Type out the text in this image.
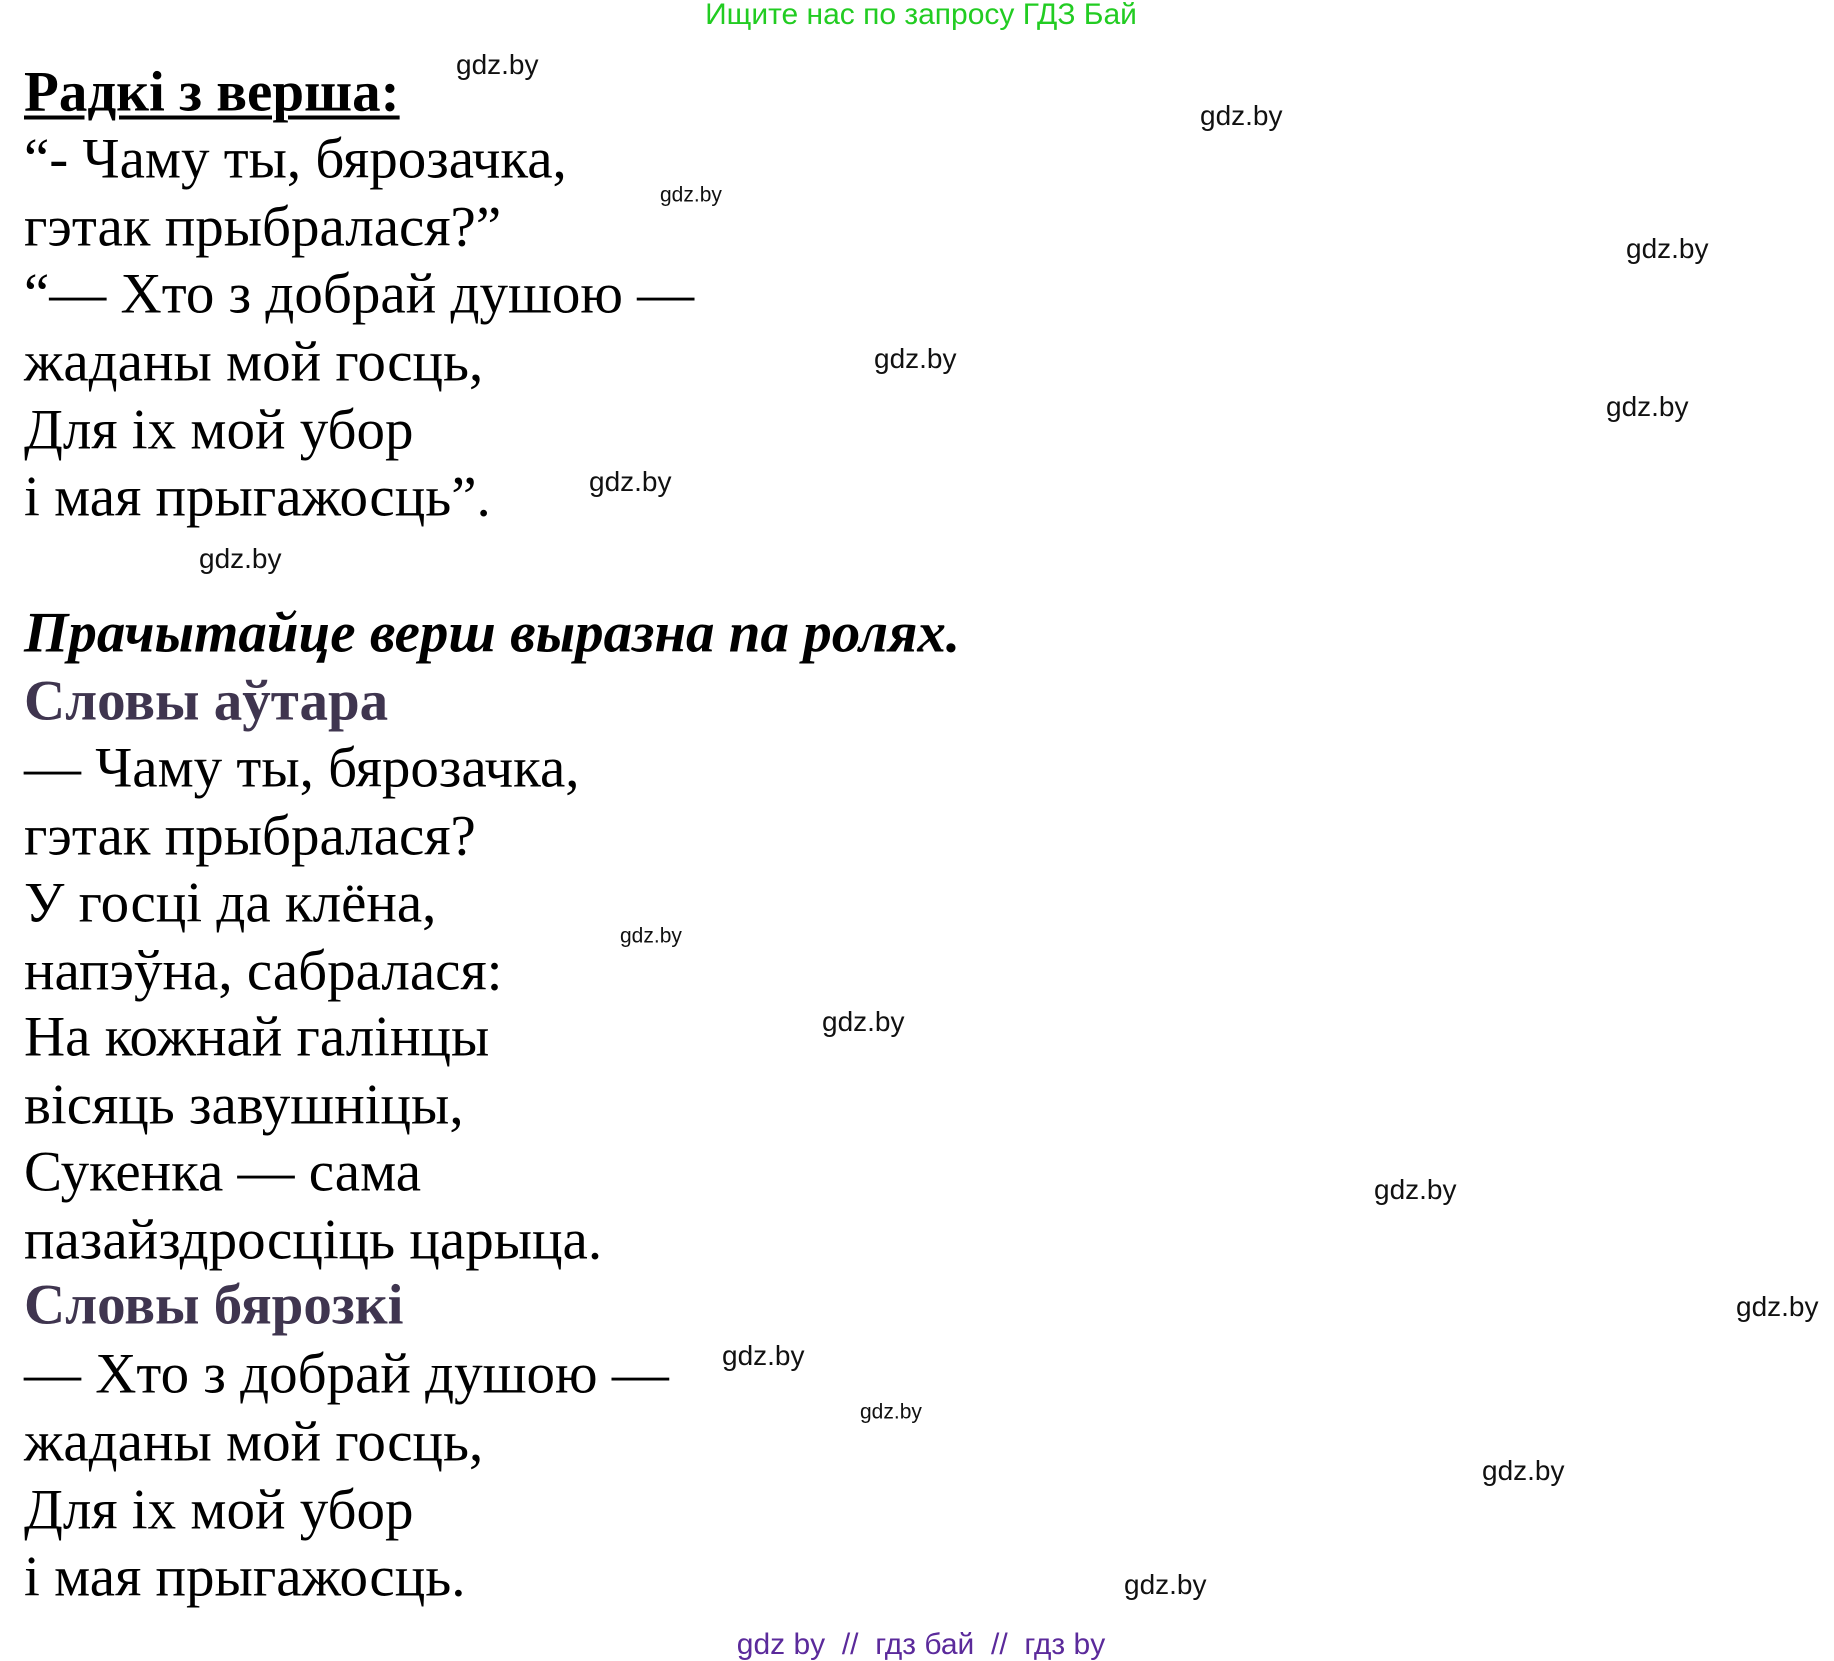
Ищите нас по запросу ГДЗ Бай
Радкі з верша:
“- Чаму ты, бярозачка,
гэтак прыбралася?”
“— Хто з добрай душою —
жаданы мой госць,
Для іх мой убор
і мая прыгажосць”.
Прачытайце верш выразна па ролях.
Словы аўтара
— Чаму ты, бярозачка,
гэтак прыбралася?
У госці да клёна,
напэўна, сабралася:
На кожнай галінцы
вісяць завушніцы,
Сукенка — сама
пазайздросціць царыца.
Словы бярозкі
— Хто з добрай душою —
жаданы мой госць,
Для іх мой убор
і мая прыгажосць.
gdz.by
gdz.by
gdz.by
gdz.by
gdz.by
gdz.by
gdz.by
gdz.by
gdz.by
gdz.by
gdz.by
gdz.by
gdz.by
gdz.by
gdz.by
gdz.by
gdz by  //  гдз бай  //  гдз by
